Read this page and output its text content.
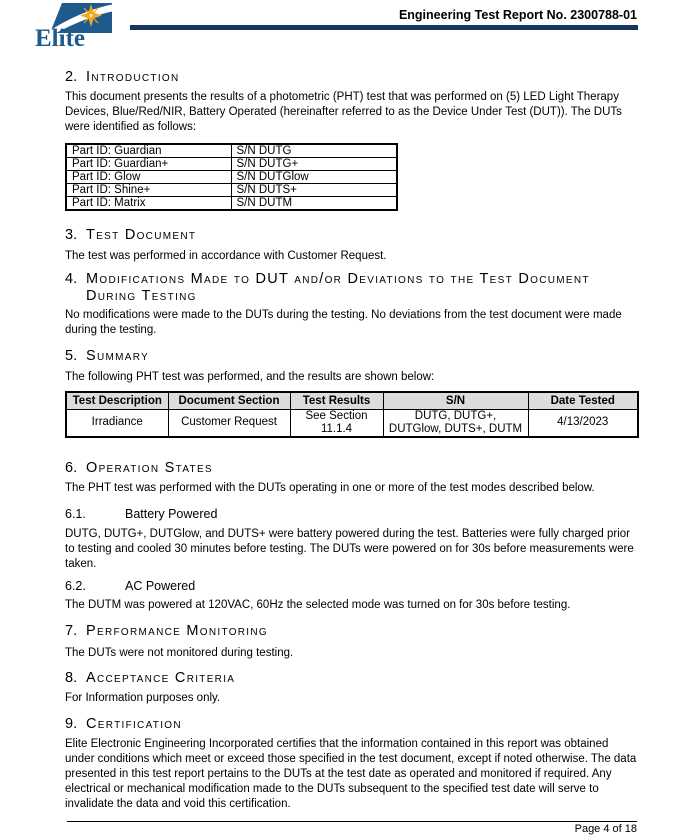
Elite
Engineering Test Report No. 2300788-01
2. Introduction

This document presents the results of a photometric (PHT) test that was performed on (5) LED Light Therapy Devices, Blue/Red/NIR, Battery Operated (hereinafter referred to as the Device Under Test (DUT)). The DUTs were identified as follows:

Part ID: Guardian	S/N DUTG
Part ID: Guardian+	S/N DUTG+
Part ID: Glow	S/N DUTGlow
Part ID: Shine+	S/N DUTS+
Part ID: Matrix	S/N DUTM
3. Test Document

The test was performed in accordance with Customer Request.

4. Modifications Made to DUT and/or Deviations to the Test Document During Testing

No modifications were made to the DUTs during the testing. No deviations from the test document were made during the testing.

5. Summary

The following PHT test was performed, and the results are shown below:

Test Description	Document Section	Test Results	S/N	Date Tested
Irradiance	Customer Request	See Section 11.1.4	DUTG, DUTG+, DUTGlow, DUTS+, DUTM	4/13/2023
6. Operation States

The PHT test was performed with the DUTs operating in one or more of the test modes described below.

6.1.	Battery Powered

DUTG, DUTG+, DUTGlow, and DUTS+ were battery powered during the test. Batteries were fully charged prior to testing and cooled 30 minutes before testing. The DUTs were powered on for 30s before measurements were taken.

6.2.	AC Powered

The DUTM was powered at 120VAC, 60Hz the selected mode was turned on for 30s before testing.

7. Performance Monitoring

The DUTs were not monitored during testing.

8. Acceptance Criteria

For Information purposes only.

9. Certification

Elite Electronic Engineering Incorporated certifies that the information contained in this report was obtained under conditions which meet or exceed those specified in the test document, except if noted otherwise. The data presented in this test report pertains to the DUTs at the test date as operated and monitored if required. Any electrical or mechanical modification made to the DUTs subsequent to the specified test date will serve to invalidate the data and void this certification.

Page 4 of 18
